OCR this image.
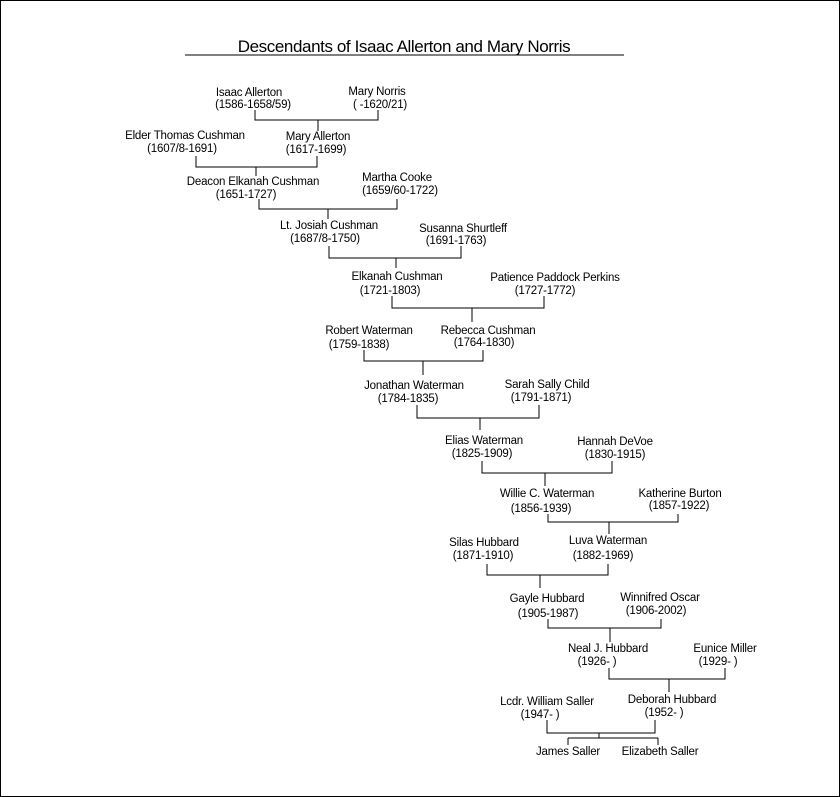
Descendants of Isaac Allerton and Mary Norris
Isaac Allerton
(1586-1658/59)
Mary Norris
( -1620/21)
Elder Thomas Cushman
(1607/8-1691)
Mary Allerton
(1617-1699)
Deacon Elkanah Cushman
(1651-1727)
Martha Cooke
(1659/60-1722)
Lt. Josiah Cushman
(1687/8-1750)
Susanna Shurtleff
(1691-1763)
Elkanah Cushman
(1721-1803)
Patience Paddock Perkins
(1727-1772)
Robert Waterman
(1759-1838)
Rebecca Cushman
(1764-1830)
Jonathan Waterman
(1784-1835)
Sarah Sally Child
(1791-1871)
Elias Waterman
(1825-1909)
Hannah DeVoe
(1830-1915)
Willie C. Waterman
(1856-1939)
Katherine Burton
(1857-1922)
Silas Hubbard
(1871-1910)
Luva Waterman
(1882-1969)
Gayle Hubbard
(1905-1987)
Winnifred Oscar
(1906-2002)
Neal J. Hubbard
(1926- )
Eunice Miller
(1929- )
Lcdr. William Saller
(1947- )
Deborah Hubbard
(1952- )
James Saller Elizabeth Saller
